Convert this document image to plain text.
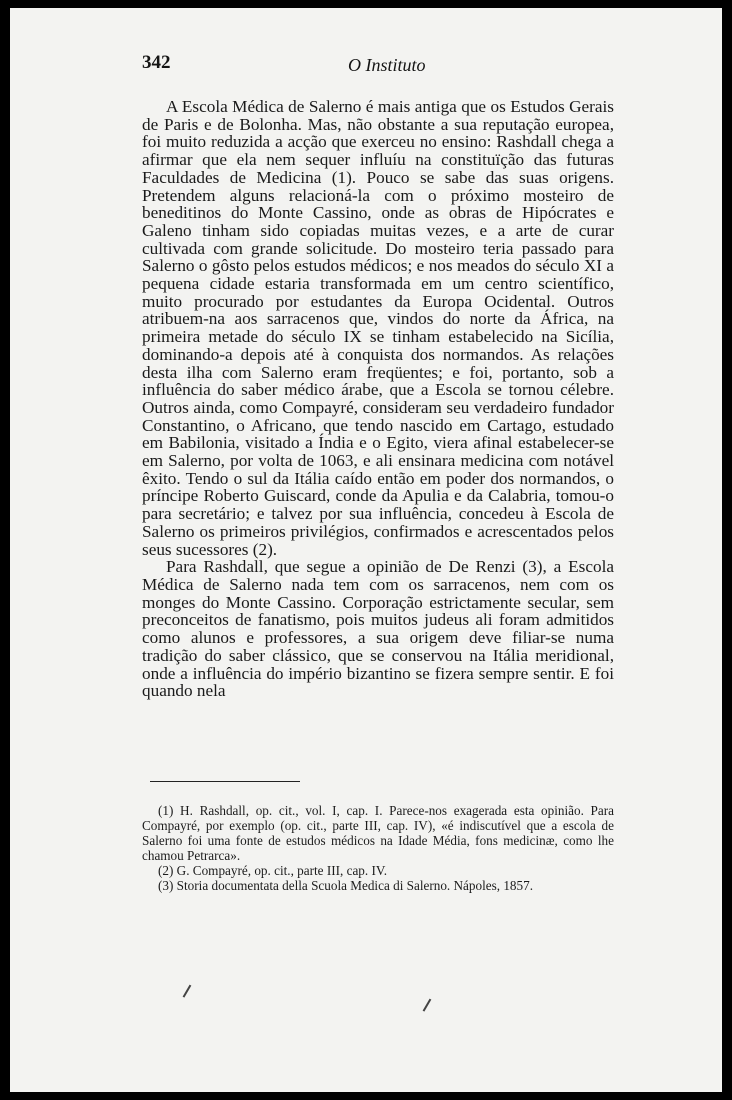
342	O Instituto

A Escola Médica de Salerno é mais antiga que os Estudos Gerais de Paris e de Bolonha. Mas, não obstante a sua reputação europea, foi muito reduzida a acção que exerceu no ensino: Rashdall chega a afirmar que ela nem sequer influíu na constituïção das futuras Faculdades de Medicina (1). Pouco se sabe das suas origens. Pretendem alguns relacioná-la com o próximo mosteiro de beneditinos do Monte Cassino, onde as obras de Hipócrates e Galeno tinham sido copiadas muitas vezes, e a arte de curar cultivada com grande solicitude. Do mosteiro teria passado para Salerno o gôsto pelos estudos médicos; e nos meados do século XI a pequena cidade estaria transformada em um centro scientífico, muito procurado por estudantes da Europa Ocidental. Outros atribuem-na aos sarracenos que, vindos do norte da África, na primeira metade do século IX se tinham estabelecido na Sicília, dominando-a depois até à conquista dos normandos. As relações desta ilha com Salerno eram freqüentes; e foi, portanto, sob a influência do saber médico árabe, que a Escola se tornou célebre. Outros ainda, como Compayré, consideram seu verdadeiro fundador Constantino, o Africano, que tendo nascido em Cartago, estudado em Babilonia, visitado a Índia e o Egito, viera afinal estabelecer-se em Salerno, por volta de 1063, e ali ensinara medicina com notável êxito. Tendo o sul da Itália caído então em poder dos normandos, o príncipe Roberto Guiscard, conde da Apulia e da Calabria, tomou-o para secretário; e talvez por sua influência, concedeu à Escola de Salerno os primeiros privilégios, confirmados e acrescentados pelos seus sucessores (2).

Para Rashdall, que segue a opinião de De Renzi (3), a Escola Médica de Salerno nada tem com os sarracenos, nem com os monges do Monte Cassino. Corporação estrictamente secular, sem preconceitos de fanatismo, pois muitos judeus ali foram admitidos como alunos e professores, a sua origem deve filiar-se numa tradição do saber clássico, que se conservou na Itália meridional, onde a influência do império bizantino se fizera sempre sentir. E foi quando nela

(1) H. Rashdall, op. cit., vol. I, cap. I. Parece-nos exagerada esta opinião. Para Compayré, por exemplo (op. cit., parte III, cap. IV), «é indiscutível que a escola de Salerno foi uma fonte de estudos médicos na Idade Média, fons medicinæ, como lhe chamou Petrarca».

(2) G. Compayré, op. cit., parte III, cap. IV.

(3) Storia documentata della Scuola Medica di Salerno. Nápoles, 1857.
